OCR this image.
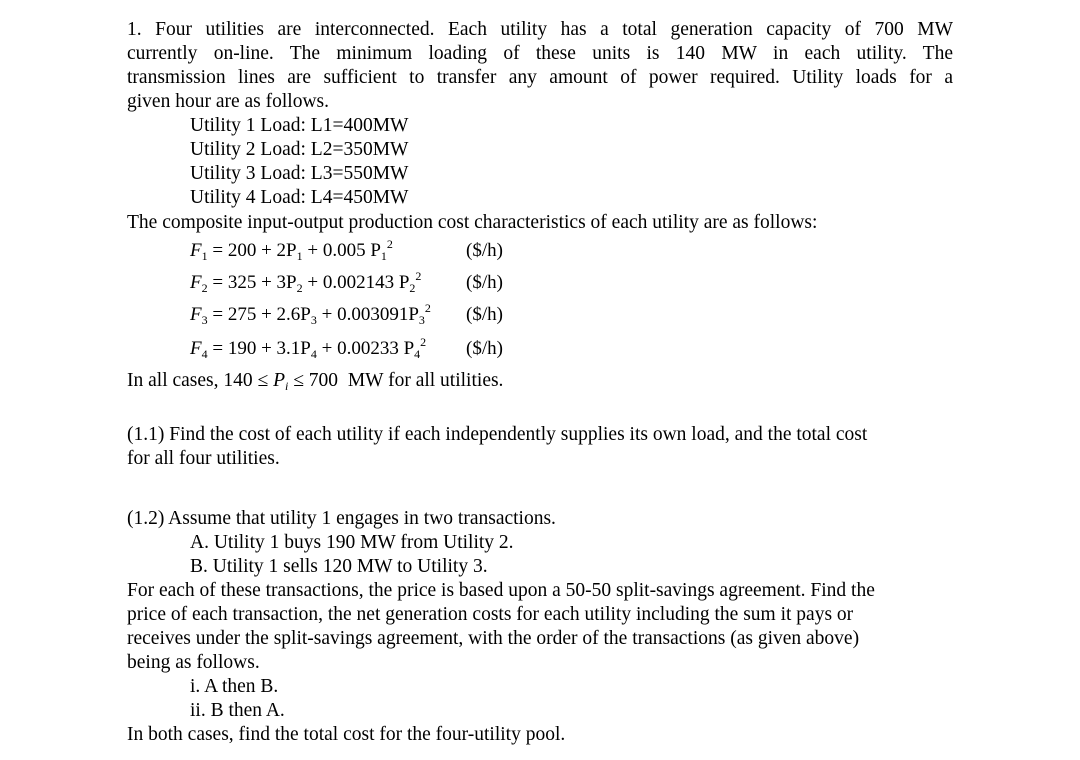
1. Four utilities are interconnected. Each utility has a total generation capacity of 700 MW
currently on-line. The minimum loading of these units is 140 MW in each utility. The
transmission lines are sufficient to transfer any amount of power required. Utility loads for a
given hour are as follows.
Utility 1 Load: L1=400MW
Utility 2 Load: L2=350MW
Utility 3 Load: L3=550MW
Utility 4 Load: L4=450MW
The composite input-output production cost characteristics of each utility are as follows:
$F_1 = 200 + 2P_1 + 0.005$ $P_1^2$	($/h)
$F_2 = 325 + 3P_2 + 0.002143$ $P_2^2$ ($/h)
$F_3 = 275 + 2.6P_3 + 0.003091P_3^2$ ($/h)
$F_4 = 190 + 3.1P_4 + 0.00233$ $P_4^2$ ($/h)
In all cases, $140 \le P_i \le 700$  MW for all utilities.
(1.1) Find the cost of each utility if each independently supplies its own load, and the total cost
for all four utilities.
(1.2) Assume that utility 1 engages in two transactions.
A. Utility 1 buys 190 MW from Utility 2.
B. Utility 1 sells 120 MW to Utility 3.
For each of these transactions, the price is based upon a 50-50 split-savings agreement. Find the
price of each transaction, the net generation costs for each utility including the sum it pays or
receives under the split-savings agreement, with the order of the transactions (as given above)
being as follows.
i. A then B.
ii. B then A.
In both cases, find the total cost for the four-utility pool.
